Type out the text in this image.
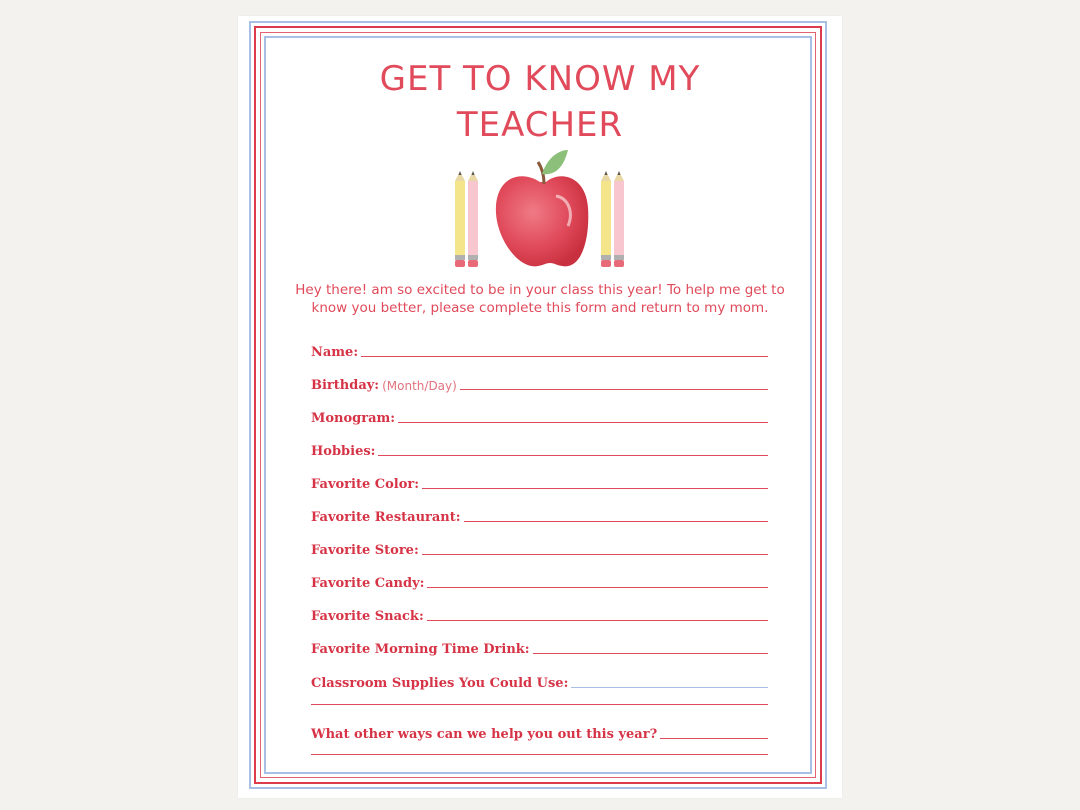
GET TO KNOW MY
TEACHER
Hey there! am so excited to be in your class this year! To help me get to know you better, please complete this form and return to my mom.
Name:
Birthday: (Month/Day)
Monogram:
Hobbies:
Favorite Color:
Favorite Restaurant:
Favorite Store:
Favorite Candy:
Favorite Snack:
Favorite Morning Time Drink:
Classroom Supplies You Could Use:
What other ways can we help you out this year?
